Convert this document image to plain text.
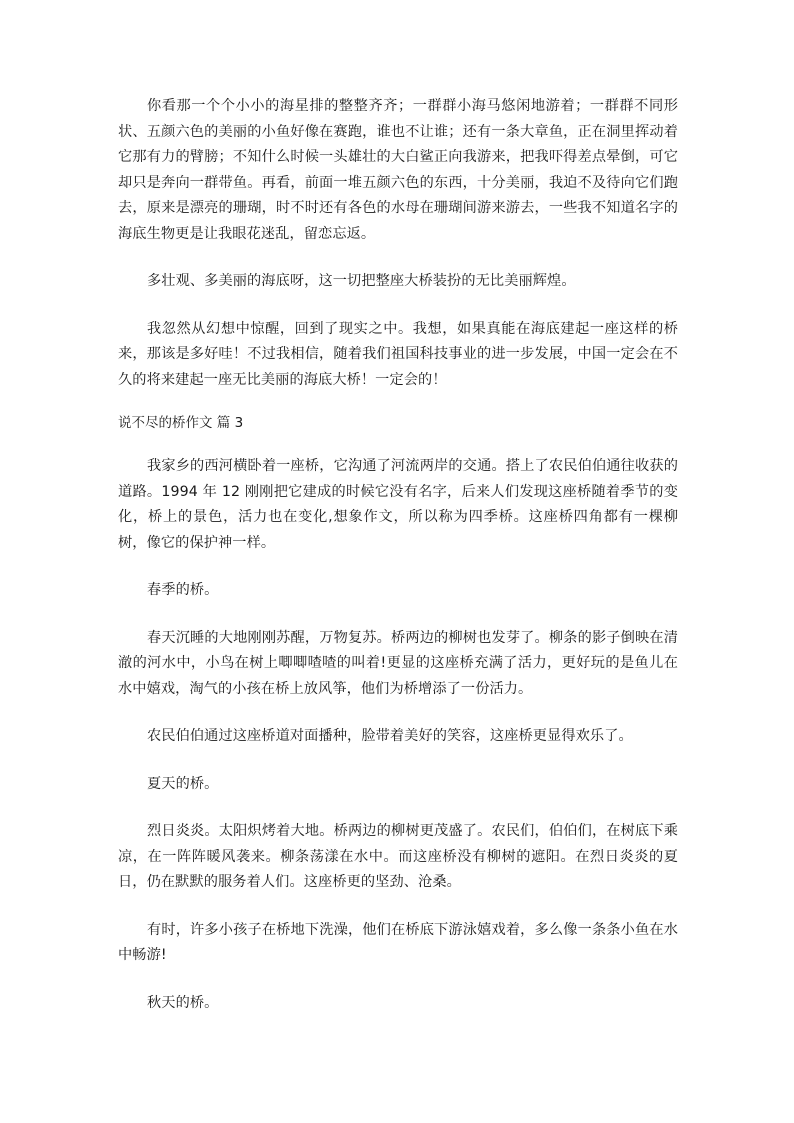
你看那一个个小小的海星排的整整齐齐；一群群小海马悠闲地游着；一群群不同形状、五颜六色的美丽的小鱼好像在赛跑，谁也不让谁；还有一条大章鱼，正在洞里挥动着它那有力的臂膀；不知什么时候一头雄壮的大白鲨正向我游来，把我吓得差点晕倒，可它却只是奔向一群带鱼。再看，前面一堆五颜六色的东西，十分美丽，我迫不及待向它们跑去，原来是漂亮的珊瑚，时不时还有各色的水母在珊瑚间游来游去，一些我不知道名字的海底生物更是让我眼花迷乱，留恋忘返。

多壮观、多美丽的海底呀，这一切把整座大桥装扮的无比美丽辉煌。

我忽然从幻想中惊醒，回到了现实之中。我想，如果真能在海底建起一座这样的桥来，那该是多好哇！不过我相信，随着我们祖国科技事业的进一步发展，中国一定会在不久的将来建起一座无比美丽的海底大桥！一定会的！

说不尽的桥作文 篇 3

我家乡的西河横卧着一座桥，它沟通了河流两岸的交通。搭上了农民伯伯通往收获的道路。1994 年 12 刚刚把它建成的时候它没有名字，后来人们发现这座桥随着季节的变化，桥上的景色，活力也在变化,想象作文，所以称为四季桥。这座桥四角都有一棵柳树，像它的保护神一样。

春季的桥。

春天沉睡的大地刚刚苏醒，万物复苏。桥两边的柳树也发芽了。柳条的影子倒映在清澈的河水中，小鸟在树上唧唧喳喳的叫着!更显的这座桥充满了活力，更好玩的是鱼儿在水中嬉戏，淘气的小孩在桥上放风筝，他们为桥增添了一份活力。

农民伯伯通过这座桥道对面播种，脸带着美好的笑容，这座桥更显得欢乐了。

夏天的桥。

烈日炎炎。太阳炽烤着大地。桥两边的柳树更茂盛了。农民们，伯伯们，在树底下乘凉，在一阵阵暖风袭来。柳条荡漾在水中。而这座桥没有柳树的遮阳。在烈日炎炎的夏日，仍在默默的服务着人们。这座桥更的坚劲、沧桑。

有时，许多小孩子在桥地下洗澡，他们在桥底下游泳嬉戏着，多么像一条条小鱼在水中畅游!

秋天的桥。
